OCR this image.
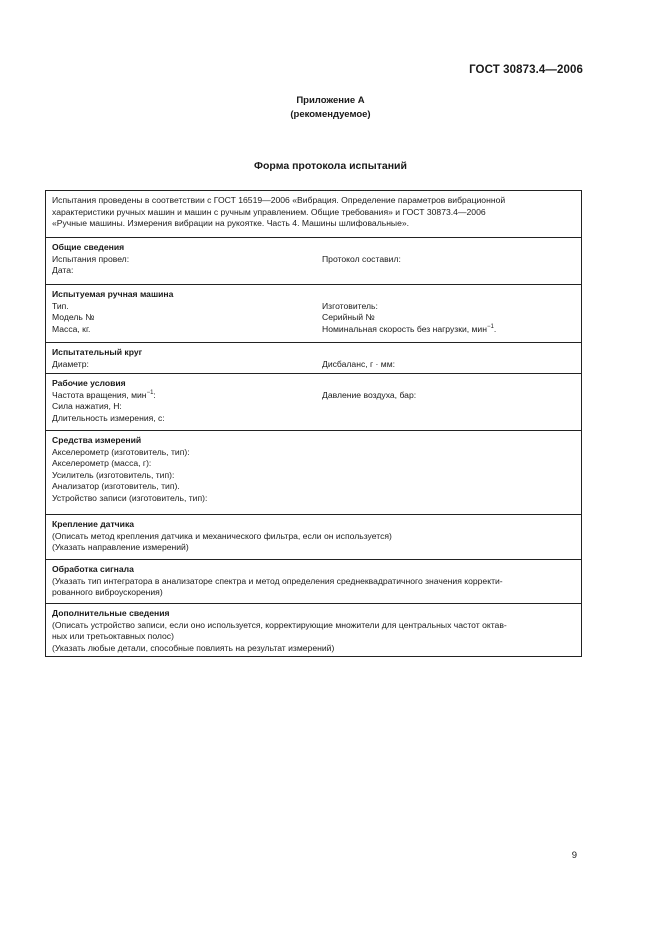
ГОСТ 30873.4—2006
Приложение А
(рекомендуемое)
Форма протокола испытаний
Испытания проведены в соответствии с ГОСТ 16519—2006 «Вибрация. Определение параметров вибрационной
характеристики ручных машин и машин с ручным управлением. Общие требования» и ГОСТ 30873.4—2006
«Ручные машины. Измерения вибрации на рукоятке. Часть 4. Машины шлифовальные».
Общие сведения
Испытания провел:
Дата:
Протокол составил:
Испытуемая ручная машина
Тип.
Модель №
Масса, кг.
Изготовитель:
Серийный №
Номинальная скорость без нагрузки, мин$^{-1}$.
Испытательный круг
Диаметр:	Дисбаланс, г · мм:
Рабочие условия
Частота вращения, мин$^{-1}$:
Сила нажатия, Н:
Длительность измерения, с:
Давление воздуха, бар:
Средства измерений
Акселерометр (изготовитель, тип):
Акселерометр (масса, г):
Усилитель (изготовитель, тип):
Анализатор (изготовитель, тип).
Устройство записи (изготовитель, тип):
Крепление датчика
(Описать метод крепления датчика и механического фильтра, если он используется)
(Указать направление измерений)
Обработка сигнала
(Указать тип интегратора в анализаторе спектра и метод определения среднеквадратичного значения корректи-
рованного виброускорения)
Дополнительные сведения
(Описать устройство записи, если оно используется, корректирующие множители для центральных частот октав-
ных или третьоктавных полос)
(Указать любые детали, способные повлиять на результат измерений)
9
